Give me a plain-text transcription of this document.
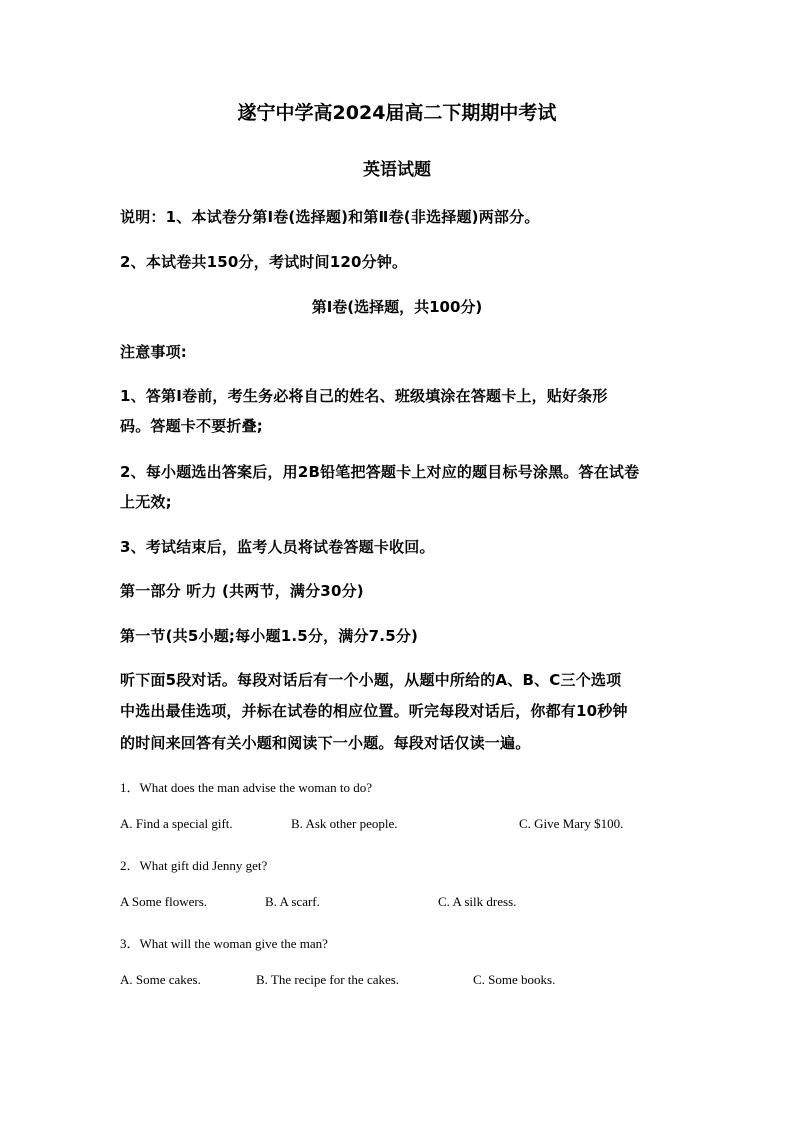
遂宁中学高2024届高二下期期中考试
英语试题
说明：1、本试卷分第Ⅰ卷(选择题)和第Ⅱ卷(非选择题)两部分。
2、本试卷共150分，考试时间120分钟。
第Ⅰ卷(选择题，共100分)
注意事项:
1、答第Ⅰ卷前，考生务必将自己的姓名、班级填涂在答题卡上，贴好条形
码。答题卡不要折叠;
2、每小题选出答案后，用2B铅笔把答题卡上对应的题目标号涂黑。答在试卷
上无效;
3、考试结束后，监考人员将试卷答题卡收回。
第一部分 听力 (共两节，满分30分)
第一节(共5小题;每小题1.5分，满分7.5分)
听下面5段对话。每段对话后有一个小题，从题中所给的A、B、C三个选项
中选出最佳选项，并标在试卷的相应位置。听完每段对话后，你都有10秒钟
的时间来回答有关小题和阅读下一小题。每段对话仅读一遍。
1．What does the man advise the woman to do?
A. Find a special gift.	B. Ask other people.	C. Give Mary $100.
2．What gift did Jenny get?
A Some flowers.	B. A scarf.	C. A silk dress.
3．What will the woman give the man?
A. Some cakes.	B. The recipe for the cakes.	C. Some books.
